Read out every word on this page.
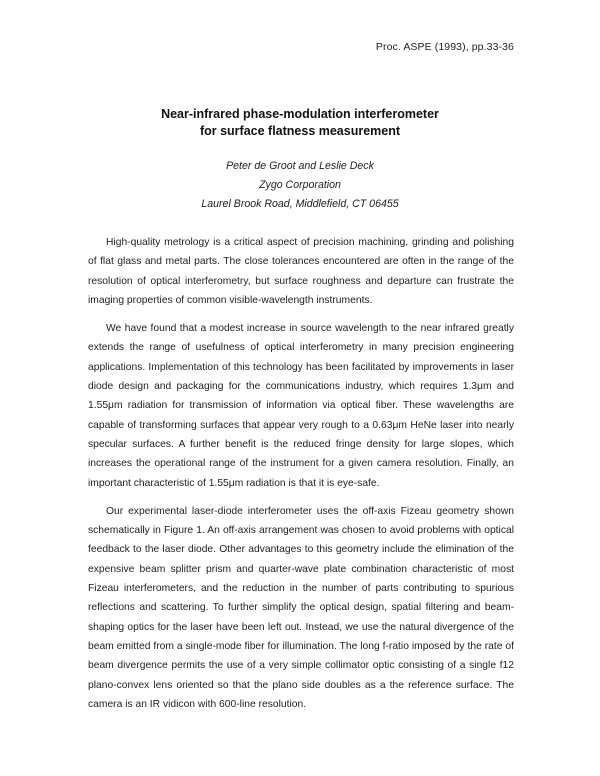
Proc. ASPE (1993), pp.33-36
Near-infrared phase-modulation interferometer
for surface flatness measurement
Peter de Groot and Leslie Deck
Zygo Corporation
Laurel Brook Road, Middlefield, CT 06455

High-quality metrology is a critical aspect of precision machining, grinding and polishing of flat glass and metal parts. The close tolerances encountered are often in the range of the resolution of optical interferometry, but surface roughness and departure can frustrate the imaging properties of common visible-wavelength instruments.

We have found that a modest increase in source wavelength to the near infrared greatly extends the range of usefulness of optical interferometry in many precision engineering applications. Implementation of this technology has been facilitated by improvements in laser diode design and packaging for the communications industry, which requires 1.3μm and 1.55μm radiation for transmission of information via optical fiber. These wavelengths are capable of transforming surfaces that appear very rough to a 0.63μm HeNe laser into nearly specular surfaces. A further benefit is the reduced fringe density for large slopes, which increases the operational range of the instrument for a given camera resolution. Finally, an important characteristic of 1.55μm radiation is that it is eye-safe.

Our experimental laser-diode interferometer uses the off-axis Fizeau geometry shown schematically in Figure 1. An off-axis arrangement was chosen to avoid problems with optical feedback to the laser diode. Other advantages to this geometry include the elimination of the expensive beam splitter prism and quarter-wave plate combination characteristic of most Fizeau interferometers, and the reduction in the number of parts contributing to spurious reflections and scattering. To further simplify the optical design, spatial filtering and beam-shaping optics for the laser have been left out. Instead, we use the natural divergence of the beam emitted from a single-mode fiber for illumination. The long f-ratio imposed by the rate of beam divergence permits the use of a very simple collimator optic consisting of a single f12 plano-convex lens oriented so that the plano side doubles as a the reference surface. The camera is an IR vidicon with 600-line resolution.
